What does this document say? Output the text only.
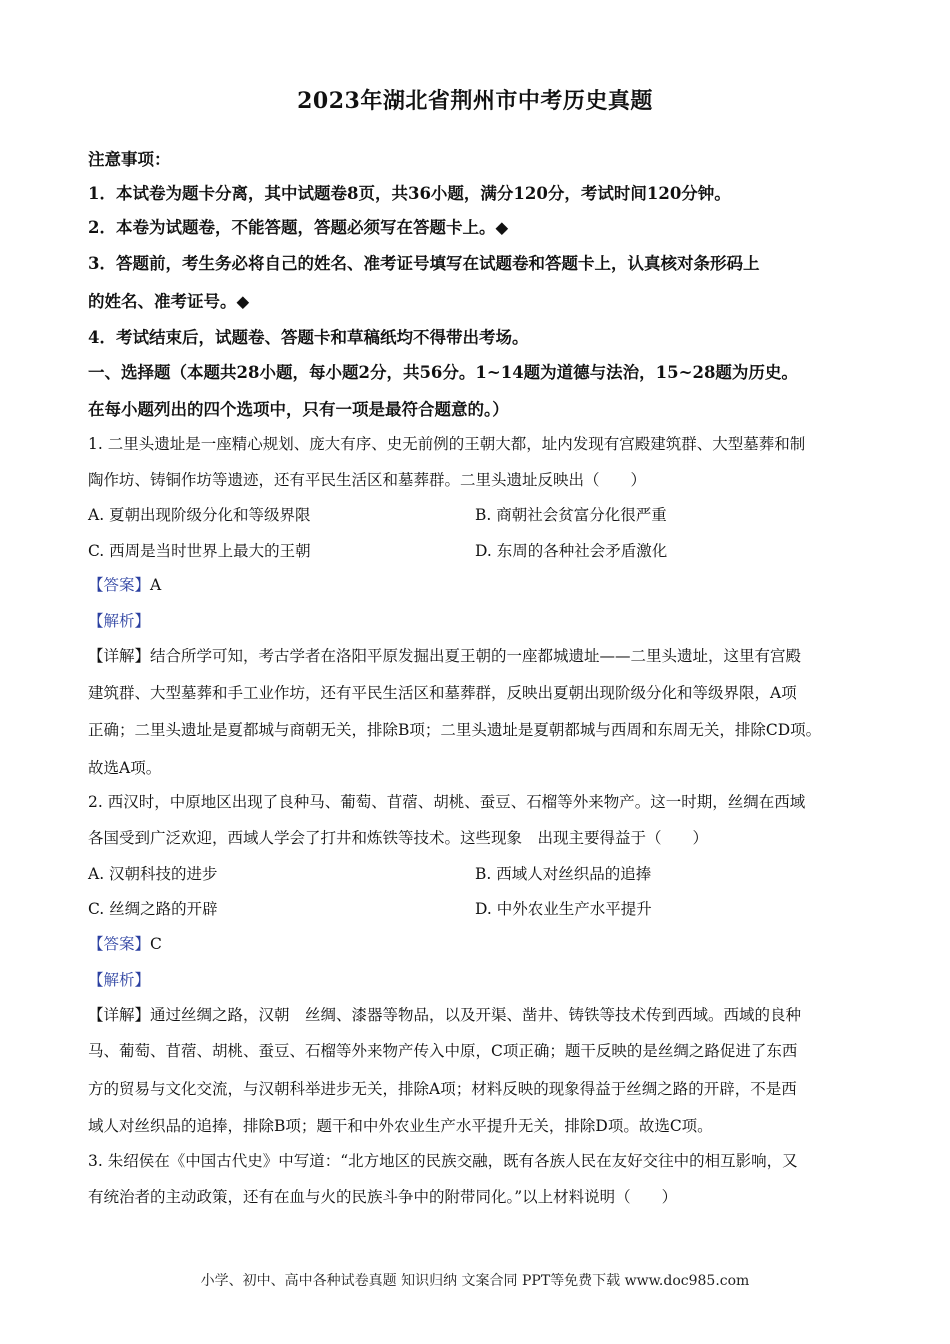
2023年湖北省荆州市中考历史真题
注意事项：
1．本试卷为题卡分离，其中试题卷8页，共36小题，满分120分，考试时间120分钟。
2．本卷为试题卷，不能答题，答题必须写在答题卡上。◆
3．答题前，考生务必将自己的姓名、准考证号填写在试题卷和答题卡上，认真核对条形码上
的姓名、准考证号。◆
4．考试结束后，试题卷、答题卡和草稿纸均不得带出考场。
一、选择题（本题共28小题，每小题2分，共56分。1~14题为道德与法治，15~28题为历史。
在每小题列出的四个选项中，只有一项是最符合题意的。）
1. 二里头遗址是一座精心规划、庞大有序、史无前例的王朝大都，址内发现有宫殿建筑群、大型墓葬和制
陶作坊、铸铜作坊等遗迹，还有平民生活区和墓葬群。二里头遗址反映出（　　）
A. 夏朝出现阶级分化和等级界限	B. 商朝社会贫富分化很严重
C. 西周是当时世界上最大的王朝	D. 东周的各种社会矛盾激化
【答案】A
【解析】
【详解】结合所学可知，考古学者在洛阳平原发掘出夏王朝的一座都城遗址——二里头遗址，这里有宫殿
建筑群、大型墓葬和手工业作坊，还有平民生活区和墓葬群，反映出夏朝出现阶级分化和等级界限，A项
正确；二里头遗址是夏都城与商朝无关，排除B项；二里头遗址是夏朝都城与西周和东周无关，排除CD项。
故选A项。
2. 西汉时，中原地区出现了良种马、葡萄、苜蓿、胡桃、蚕豆、石榴等外来物产。这一时期，丝绸在西域
各国受到广泛欢迎，西域人学会了打井和炼铁等技术。这些现象　出现主要得益于（　　）
A. 汉朝科技的进步	B. 西域人对丝织品的追捧
C. 丝绸之路的开辟	D. 中外农业生产水平提升
【答案】C
【解析】
【详解】通过丝绸之路，汉朝　丝绸、漆器等物品，以及开渠、凿井、铸铁等技术传到西域。西域的良种
马、葡萄、苜蓿、胡桃、蚕豆、石榴等外来物产传入中原，C项正确；题干反映的是丝绸之路促进了东西
方的贸易与文化交流，与汉朝科举进步无关，排除A项；材料反映的现象得益于丝绸之路的开辟，不是西
域人对丝织品的追捧，排除B项；题干和中外农业生产水平提升无关，排除D项。故选C项。
3. 朱绍侯在《中国古代史》中写道：“北方地区的民族交融，既有各族人民在友好交往中的相互影响，又
有统治者的主动政策，还有在血与火的民族斗争中的附带同化。”以上材料说明（　　）
小学、初中、高中各种试卷真题 知识归纳 文案合同 PPT等免费下载 www.doc985.com
